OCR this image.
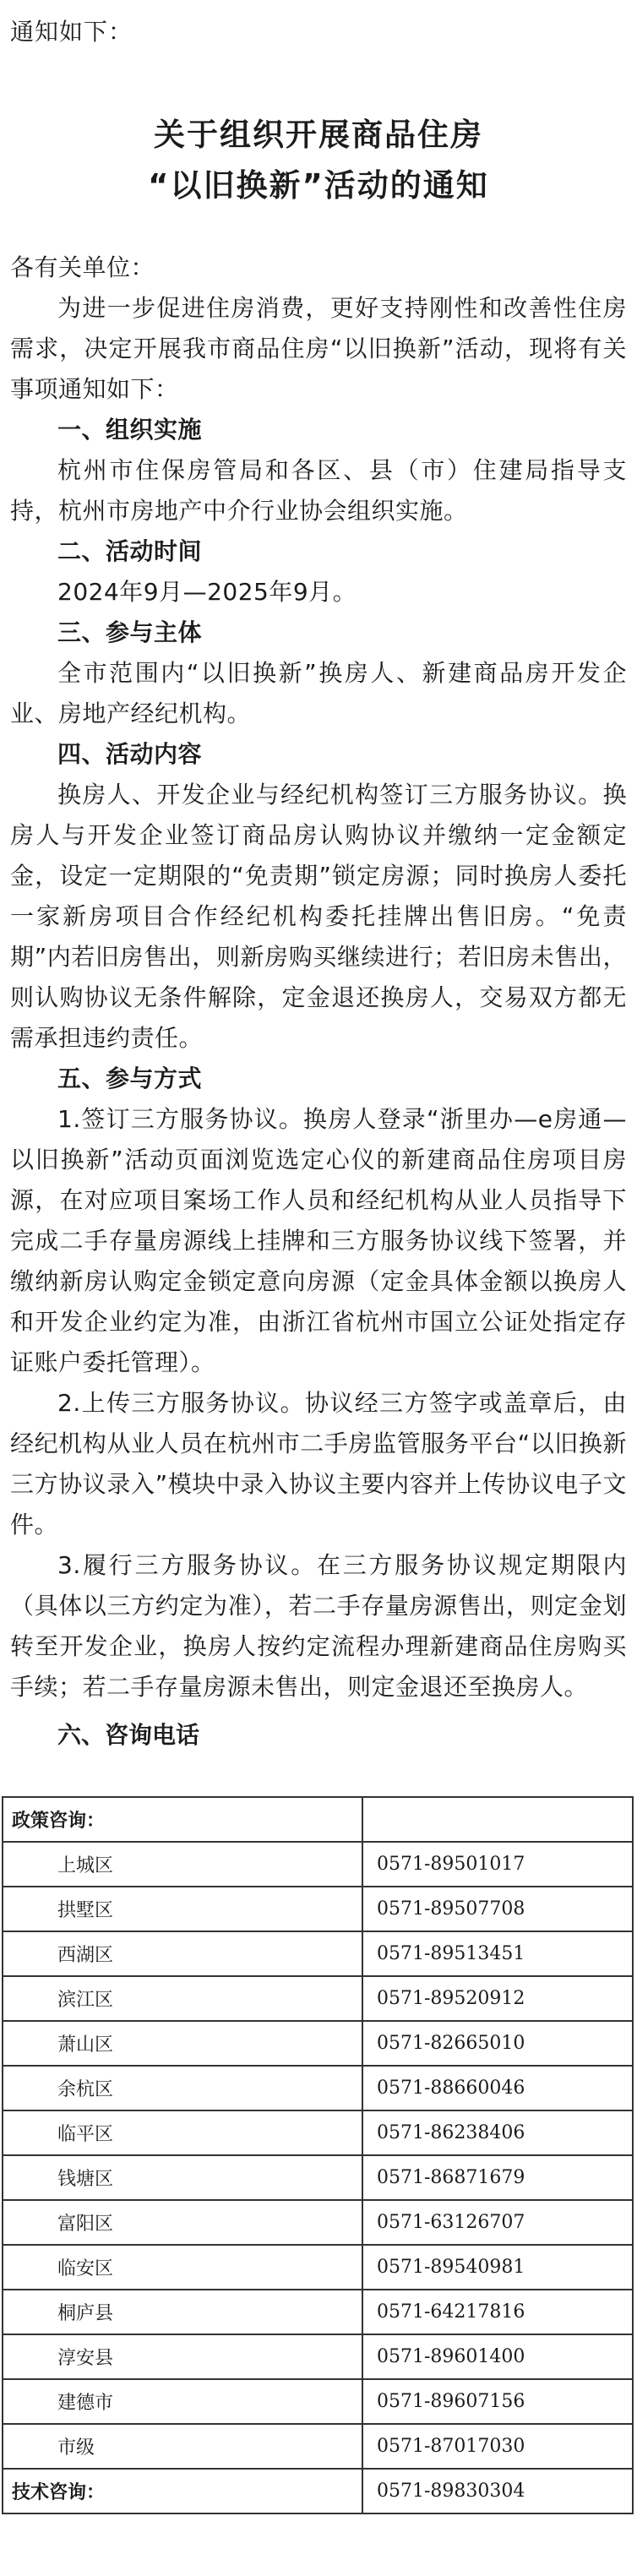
通知如下：
关于组织开展商品住房
“以旧换新”活动的通知

各有关单位：

为进一步促进住房消费，更好支持刚性和改善性住房需求，决定开展我市商品住房“以旧换新”活动，现将有关事项通知如下：

一、组织实施

杭州市住保房管局和各区、县（市）住建局指导支持，杭州市房地产中介行业协会组织实施。

二、活动时间

2024年9月—2025年9月。

三、参与主体

全市范围内“以旧换新”换房人、新建商品房开发企业、房地产经纪机构。

四、活动内容

换房人、开发企业与经纪机构签订三方服务协议。换房人与开发企业签订商品房认购协议并缴纳一定金额定金，设定一定期限的“免责期”锁定房源；同时换房人委托一家新房项目合作经纪机构委托挂牌出售旧房。“免责期”内若旧房售出，则新房购买继续进行；若旧房未售出，则认购协议无条件解除，定金退还换房人，交易双方都无需承担违约责任。

五、参与方式

1.签订三方服务协议。换房人登录“浙里办—e房通—以旧换新”活动页面浏览选定心仪的新建商品住房项目房源，在对应项目案场工作人员和经纪机构从业人员指导下完成二手存量房源线上挂牌和三方服务协议线下签署，并缴纳新房认购定金锁定意向房源（定金具体金额以换房人和开发企业约定为准，由浙江省杭州市国立公证处指定存证账户委托管理）。

2.上传三方服务协议。协议经三方签字或盖章后，由经纪机构从业人员在杭州市二手房监管服务平台“以旧换新三方协议录入”模块中录入协议主要内容并上传协议电子文件。

3.履行三方服务协议。在三方服务协议规定期限内（具体以三方约定为准），若二手存量房源售出，则定金划转至开发企业，换房人按约定流程办理新建商品住房购买手续；若二手存量房源未售出，则定金退还至换房人。

六、咨询电话
政策咨询：	
上城区	0571-89501017
拱墅区	0571-89507708
西湖区	0571-89513451
滨江区	0571-89520912
萧山区	0571-82665010
余杭区	0571-88660046
临平区	0571-86238406
钱塘区	0571-86871679
富阳区	0571-63126707
临安区	0571-89540981
桐庐县	0571-64217816
淳安县	0571-89601400
建德市	0571-89607156
市级	0571-87017030
技术咨询：	0571-89830304
